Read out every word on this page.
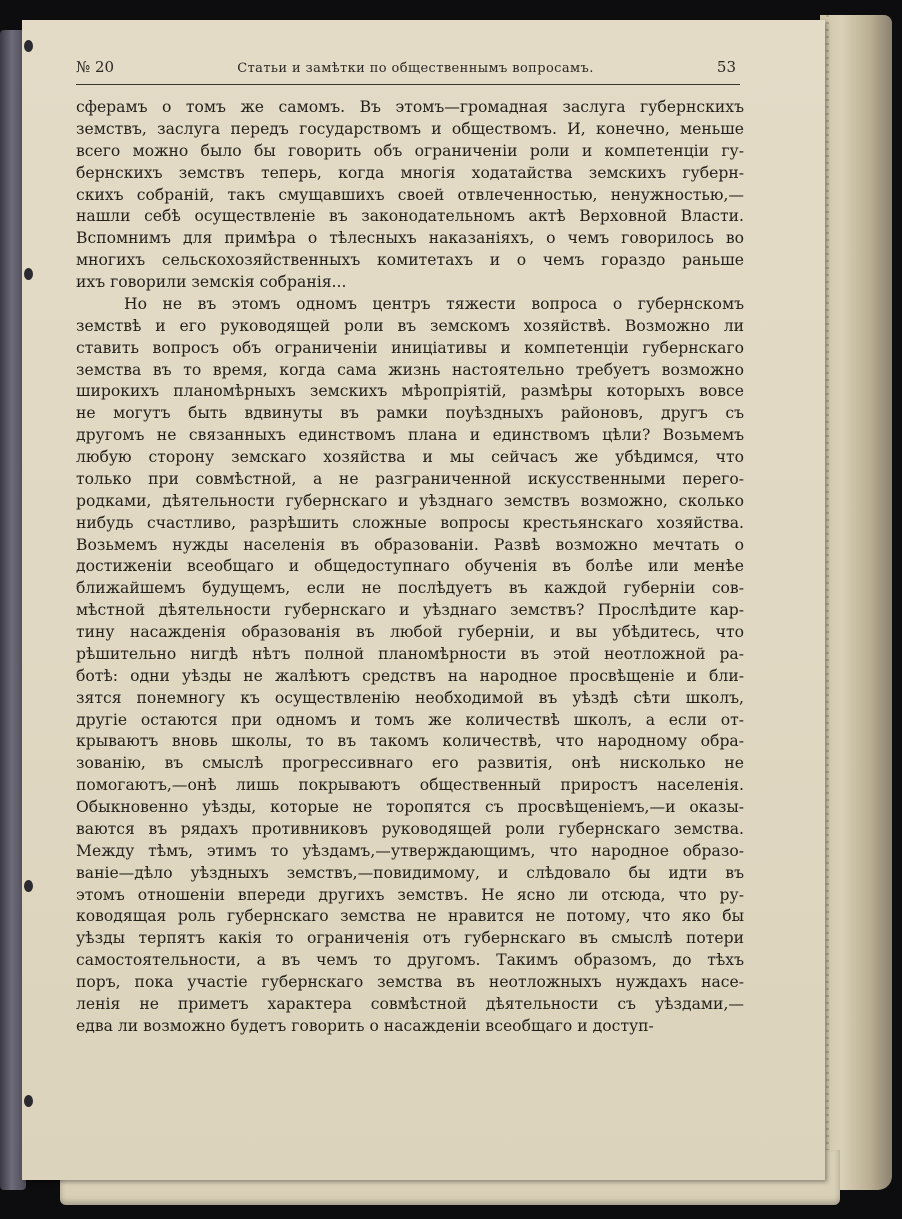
№ 20	Статьи и замѣтки по общественнымъ вопросамъ.	53
сферамъ о томъ же самомъ. Въ этомъ—громадная заслуга губернскихъ
земствъ, заслуга передъ государствомъ и обществомъ. И, конечно, меньше
всего можно было бы говорить объ ограниченіи роли и компетенціи гу-
бернскихъ земствъ теперь, когда многія ходатайства земскихъ губерн-
скихъ собраній, такъ смущавшихъ своей отвлеченностью, ненужностью,—
нашли себѣ осуществленіе въ законодательномъ актѣ Верховной Власти.
Вспомнимъ для примѣра о тѣлесныхъ наказаніяхъ, о чемъ говорилось во
многихъ сельскохозяйственныхъ комитетахъ и о чемъ гораздо раньше
ихъ говорили земскія собранія...
Но не въ этомъ одномъ центръ тяжести вопроса о губернскомъ
земствѣ и его руководящей роли въ земскомъ хозяйствѣ. Возможно ли
ставить вопросъ объ ограниченіи иниціативы и компетенціи губернскаго
земства въ то время, когда сама жизнь настоятельно требуетъ возможно
широкихъ планомѣрныхъ земскихъ мѣропріятій, размѣры которыхъ вовсе
не могутъ быть вдвинуты въ рамки поуѣздныхъ районовъ, другъ съ
другомъ не связанныхъ единствомъ плана и единствомъ цѣли? Возьмемъ
любую сторону земскаго хозяйства и мы сейчасъ же убѣдимся, что
только при совмѣстной, а не разграниченной искусственными перего-
родками, дѣятельности губернскаго и уѣзднаго земствъ возможно, сколько
нибудь счастливо, разрѣшить сложные вопросы крестьянскаго хозяйства.
Возьмемъ нужды населенія въ образованіи. Развѣ возможно мечтать о
достиженіи всеобщаго и общедоступнаго обученія въ болѣе или менѣе
ближайшемъ будущемъ, если не послѣдуетъ въ каждой губерніи сов-
мѣстной дѣятельности губернскаго и уѣзднаго земствъ? Прослѣдите кар-
тину насажденія образованія въ любой губерніи, и вы убѣдитесь, что
рѣшительно нигдѣ нѣтъ полной планомѣрности въ этой неотложной ра-
ботѣ: одни уѣзды не жалѣютъ средствъ на народное просвѣщеніе и бли-
зятся понемногу къ осуществленію необходимой въ уѣздѣ сѣти школъ,
другіе остаются при одномъ и томъ же количествѣ школъ, а если от-
крываютъ вновь школы, то въ такомъ количествѣ, что народному обра-
зованію, въ смыслѣ прогрессивнаго его развитія, онѣ нисколько не
помогаютъ,—онѣ лишь покрываютъ общественный приростъ населенія.
Обыкновенно уѣзды, которые не торопятся съ просвѣщеніемъ,—и оказы-
ваются въ рядахъ противниковъ руководящей роли губернскаго земства.
Между тѣмъ, этимъ то уѣздамъ,—утверждающимъ, что народное образо-
ваніе—дѣло уѣздныхъ земствъ,—повидимому, и слѣдовало бы идти въ
этомъ отношеніи впереди другихъ земствъ. Не ясно ли отсюда, что ру-
ководящая роль губернскаго земства не нравится не потому, что яко бы
уѣзды терпятъ какія то ограниченія отъ губернскаго въ смыслѣ потери
самостоятельности, а въ чемъ то другомъ. Такимъ образомъ, до тѣхъ
поръ, пока участіе губернскаго земства въ неотложныхъ нуждахъ насе-
ленія не приметъ характера совмѣстной дѣятельности съ уѣздами,—
едва ли возможно будетъ говорить о насажденіи всеобщаго и доступ-
